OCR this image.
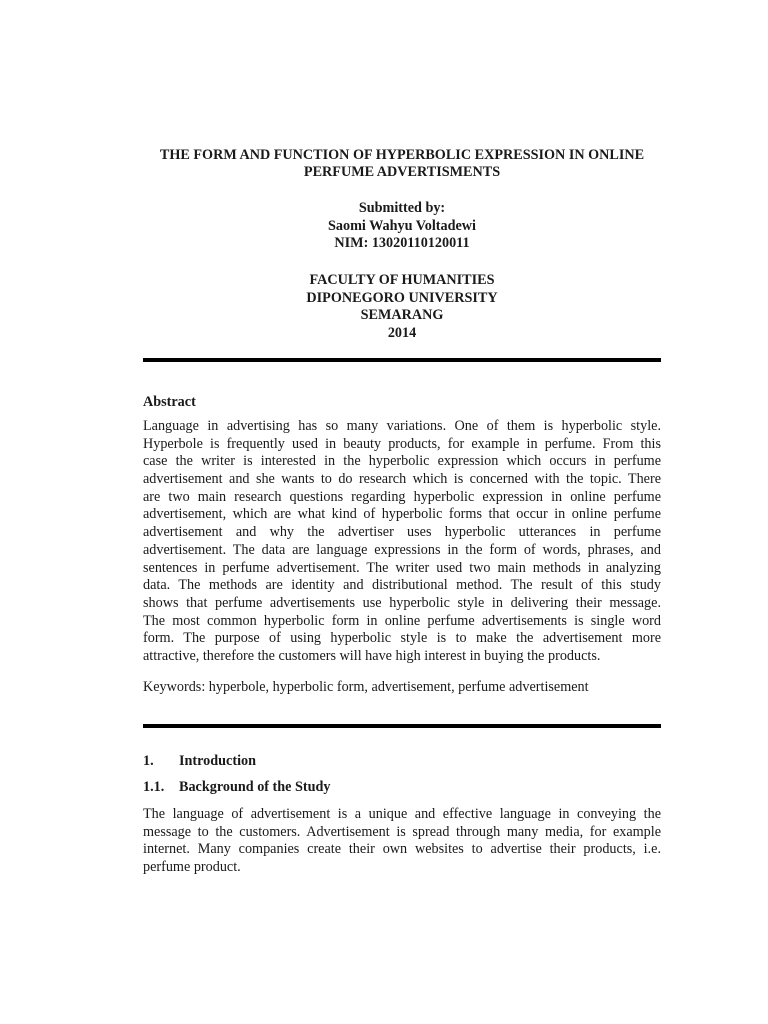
THE FORM AND FUNCTION OF HYPERBOLIC EXPRESSION IN ONLINE
PERFUME ADVERTISMENTS
Submitted by:
Saomi Wahyu Voltadewi
NIM: 13020110120011
FACULTY OF HUMANITIES
DIPONEGORO UNIVERSITY
SEMARANG
2014
Abstract
Language in advertising has so many variations. One of them is hyperbolic style.
Hyperbole is frequently used in beauty products, for example in perfume. From this
case the writer is interested in the hyperbolic expression which occurs in perfume
advertisement and she wants to do research which is concerned with the topic. There
are two main research questions regarding hyperbolic expression in online perfume
advertisement, which are what kind of hyperbolic forms that occur in online perfume
advertisement and why the advertiser uses hyperbolic utterances in perfume
advertisement. The data are language expressions in the form of words, phrases, and
sentences in perfume advertisement. The writer used two main methods in analyzing
data. The methods are identity and distributional method. The result of this study
shows that perfume advertisements use hyperbolic style in delivering their message.
The most common hyperbolic form in online perfume advertisements is single word
form. The purpose of using hyperbolic style is to make the advertisement more
attractive, therefore the customers will have high interest in buying the products.
Keywords: hyperbole, hyperbolic form, advertisement, perfume advertisement
1. Introduction
1.1. Background of the Study
The language of advertisement is a unique and effective language in conveying the
message to the customers. Advertisement is spread through many media, for example
internet. Many companies create their own websites to advertise their products, i.e.
perfume product.
